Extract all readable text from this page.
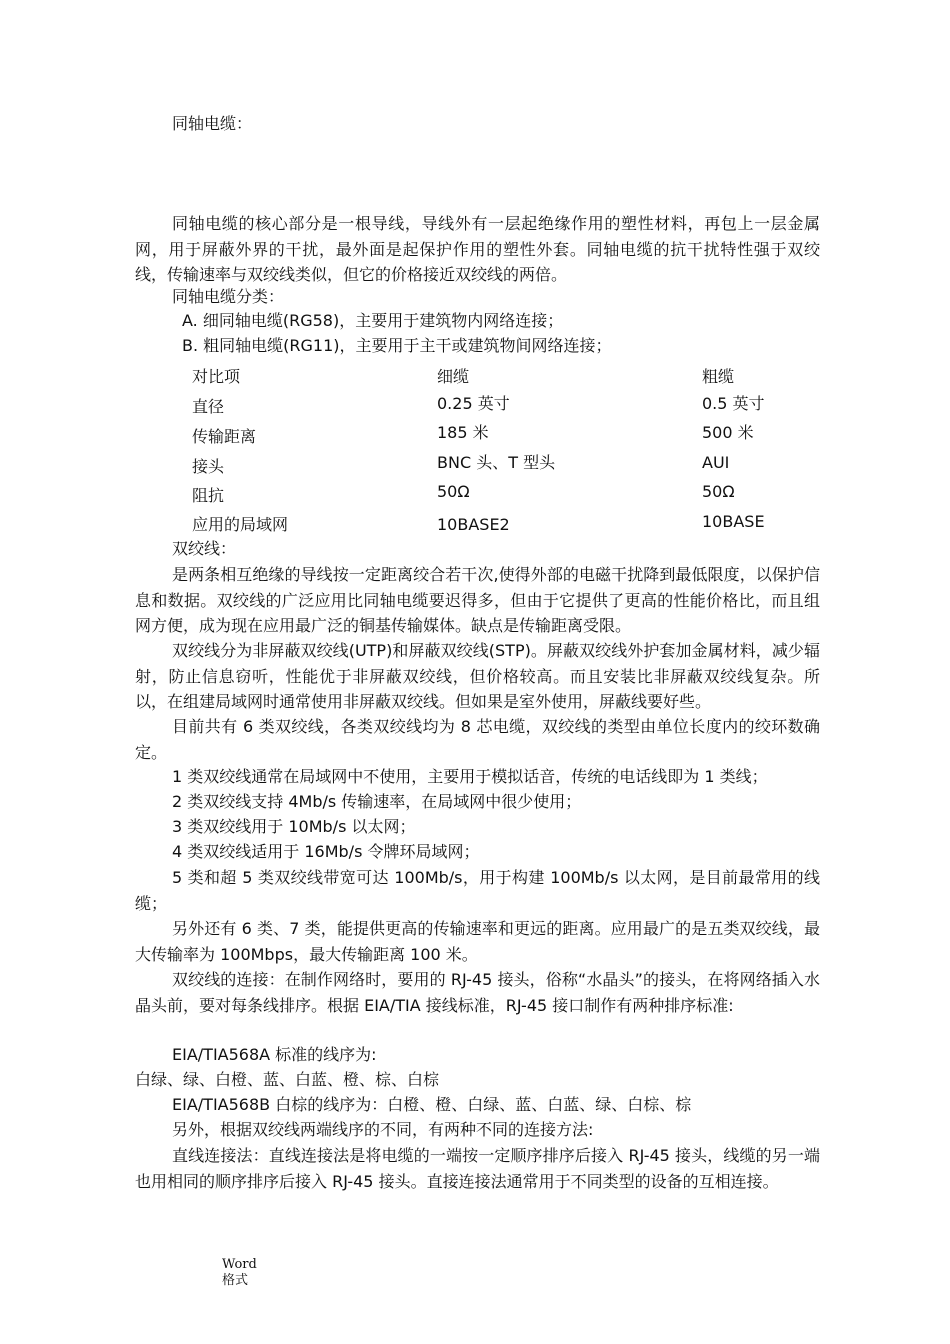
同轴电缆：
同轴电缆的核心部分是一根导线，导线外有一层起绝缘作用的塑性材料，再包上一层金属网，用于屏蔽外界的干扰，最外面是起保护作用的塑性外套。同轴电缆的抗干扰特性强于双绞线，传输速率与双绞线类似，但它的价格接近双绞线的两倍。
同轴电缆分类：
A. 细同轴电缆(RG58)，主要用于建筑物内网络连接；
B. 粗同轴电缆(RG11)，主要用于主干或建筑物间网络连接；
对比项	细缆	粗缆
直径	0.25 英寸	0.5 英寸
传输距离	185 米	500 米
接头	BNC 头、T 型头	AUI
阻抗	50Ω	50Ω
应用的局域网	10BASE2	10BASE
双绞线：
是两条相互绝缘的导线按一定距离绞合若干次,使得外部的电磁干扰降到最低限度，以保护信息和数据。双绞线的广泛应用比同轴电缆要迟得多，但由于它提供了更高的性能价格比，而且组网方便，成为现在应用最广泛的铜基传输媒体。缺点是传输距离受限。
双绞线分为非屏蔽双绞线(UTP)和屏蔽双绞线(STP)。屏蔽双绞线外护套加金属材料，减少辐射，防止信息窃听，性能优于非屏蔽双绞线，但价格较高。而且安装比非屏蔽双绞线复杂。所以，在组建局域网时通常使用非屏蔽双绞线。但如果是室外使用，屏蔽线要好些。
目前共有 6 类双绞线，各类双绞线均为 8 芯电缆，双绞线的类型由单位长度内的绞环数确定。
1 类双绞线通常在局域网中不使用，主要用于模拟话音，传统的电话线即为 1 类线；
2 类双绞线支持 4Mb/s 传输速率，在局域网中很少使用；
3 类双绞线用于 10Mb/s 以太网；
4 类双绞线适用于 16Mb/s 令牌环局域网；
5 类和超 5 类双绞线带宽可达 100Mb/s，用于构建 100Mb/s 以太网，是目前最常用的线缆；
另外还有 6 类、7 类，能提供更高的传输速率和更远的距离。应用最广的是五类双绞线，最大传输率为 100Mbps，最大传输距离 100 米。
双绞线的连接：在制作网络时，要用的 RJ-45 接头，俗称“水晶头”的接头，在将网络插入水晶头前，要对每条线排序。根据 EIA/TIA 接线标准，RJ-45 接口制作有两种排序标准:
EIA/TIA568A 标准的线序为:
白绿、绿、白橙、蓝、白蓝、橙、棕、白棕
EIA/TIA568B 白棕的线序为：白橙、橙、白绿、蓝、白蓝、绿、白棕、棕
另外，根据双绞线两端线序的不同，有两种不同的连接方法:
直线连接法：直线连接法是将电缆的一端按一定顺序排序后接入 RJ-45 接头，线缆的另一端也用相同的顺序排序后接入 RJ-45 接头。直接连接法通常用于不同类型的设备的互相连接。
Word 格式
